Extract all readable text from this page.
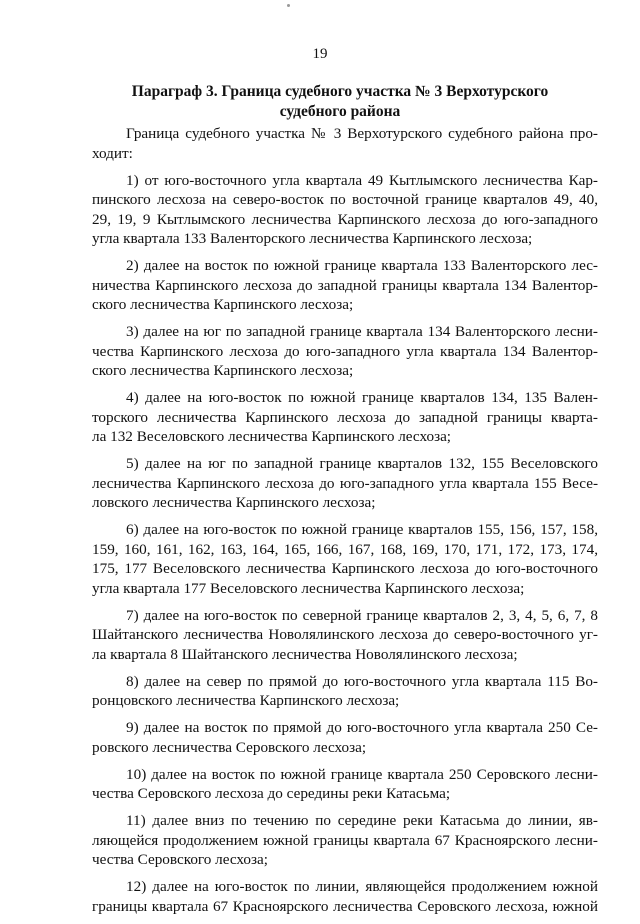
19
Параграф 3. Граница судебного участка № 3 Верхотурского
судебного района
Граница судебного участка № 3 Верхотурского судебного района про-
ходит:
1) от юго-восточного угла квартала 49 Кытлымского лесничества Кар-
пинского лесхоза на северо-восток по восточной границе кварталов 49, 40,
29, 19, 9 Кытлымского лесничества Карпинского лесхоза до юго-западного
угла квартала 133 Валенторского лесничества Карпинского лесхоза;
2) далее на восток по южной границе квартала 133 Валенторского лес-
ничества Карпинского лесхоза до западной границы квартала 134 Валентор-
ского лесничества Карпинского лесхоза;
3) далее на юг по западной границе квартала 134 Валенторского лесни-
чества Карпинского лесхоза до юго-западного угла квартала 134 Валентор-
ского лесничества Карпинского лесхоза;
4) далее на юго-восток по южной границе кварталов 134, 135 Вален-
торского лесничества Карпинского лесхоза до западной границы кварта-
ла 132 Веселовского лесничества Карпинского лесхоза;
5) далее на юг по западной границе кварталов 132, 155 Веселовского
лесничества Карпинского лесхоза до юго-западного угла квартала 155 Весе-
ловского лесничества Карпинского лесхоза;
6) далее на юго-восток по южной границе кварталов 155, 156, 157, 158,
159, 160, 161, 162, 163, 164, 165, 166, 167, 168, 169, 170, 171, 172, 173, 174,
175, 177 Веселовского лесничества Карпинского лесхоза до юго-восточного
угла квартала 177 Веселовского лесничества Карпинского лесхоза;
7) далее на юго-восток по северной границе кварталов 2, 3, 4, 5, 6, 7, 8
Шайтанского лесничества Новолялинского лесхоза до северо-восточного уг-
ла квартала 8 Шайтанского лесничества Новолялинского лесхоза;
8) далее на север по прямой до юго-восточного угла квартала 115 Во-
ронцовского лесничества Карпинского лесхоза;
9) далее на восток по прямой до юго-восточного угла квартала 250 Се-
ровского лесничества Серовского лесхоза;
10) далее на восток по южной границе квартала 250 Серовского лесни-
чества Серовского лесхоза до середины реки Катасьма;
11) далее вниз по течению по середине реки Катасьма до линии, яв-
ляющейся продолжением южной границы квартала 67 Красноярского лесни-
чества Серовского лесхоза;
12) далее на юго-восток по линии, являющейся продолжением южной
границы квартала 67 Красноярского лесничества Серовского лесхоза, южной
